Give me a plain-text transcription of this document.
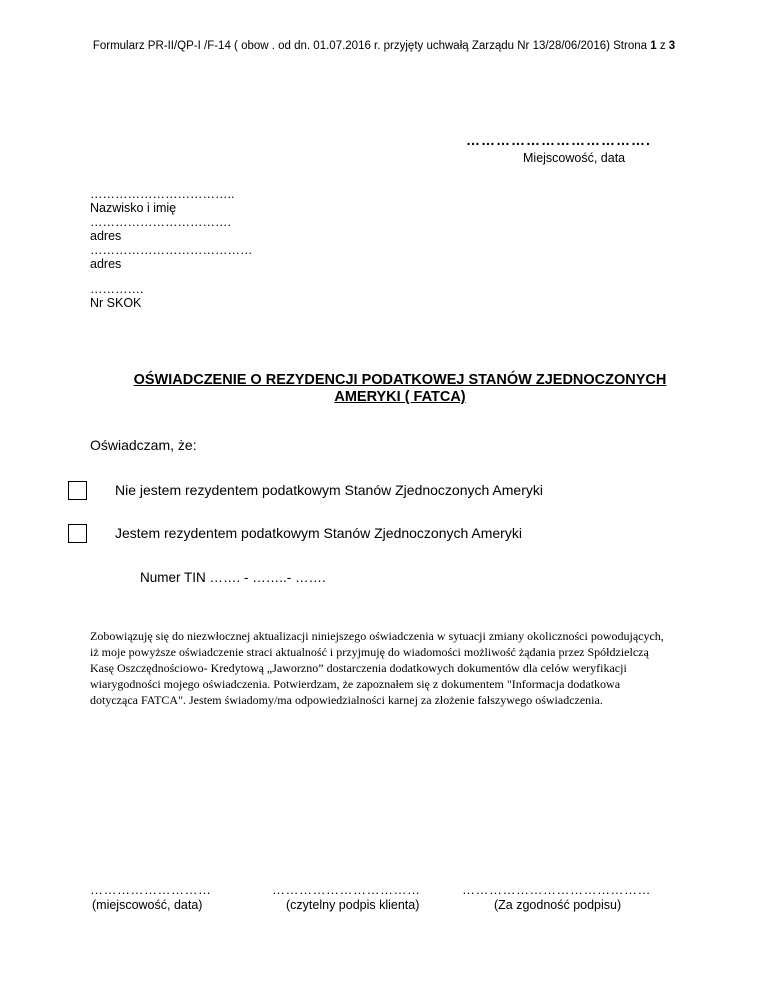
Formularz PR-II/QP-I /F-14 ( obow . od dn. 01.07.2016 r. przyjęty uchwałą Zarządu Nr 13/28/06/2016) Strona 1 z 3
……………………………….
Miejscowość, data
……………………………..
Nazwisko i imię
…………………………….
adres
…………………………………
adres
………….
Nr SKOK
OŚWIADCZENIE O REZYDENCJI PODATKOWEJ STANÓW ZJEDNOCZONYCH
AMERYKI ( FATCA)
Oświadczam, że:
Nie jestem rezydentem podatkowym Stanów Zjednoczonych Ameryki
Jestem rezydentem podatkowym Stanów Zjednoczonych Ameryki
Numer TIN ……. - ……..- …….
Zobowiązuję się do niezwłocznej aktualizacji niniejszego oświadczenia w sytuacji zmiany okoliczności powodujących,
iż moje powyższe oświadczenie straci aktualność i przyjmuję do wiadomości możliwość żądania przez Spółdzielczą
Kasę Oszczędnościowo- Kredytową „Jaworzno” dostarczenia dodatkowych dokumentów dla celów weryfikacji
wiarygodności mojego oświadczenia. Potwierdzam, że zapoznałem się z dokumentem "Informacja dodatkowa
dotycząca FATCA". Jestem świadomy/ma odpowiedzialności karnej za złożenie fałszywego oświadczenia.
………………………
(miejscowość, data)
……………………………
(czytelny podpis klienta)
……………………………………
(Za zgodność podpisu)
